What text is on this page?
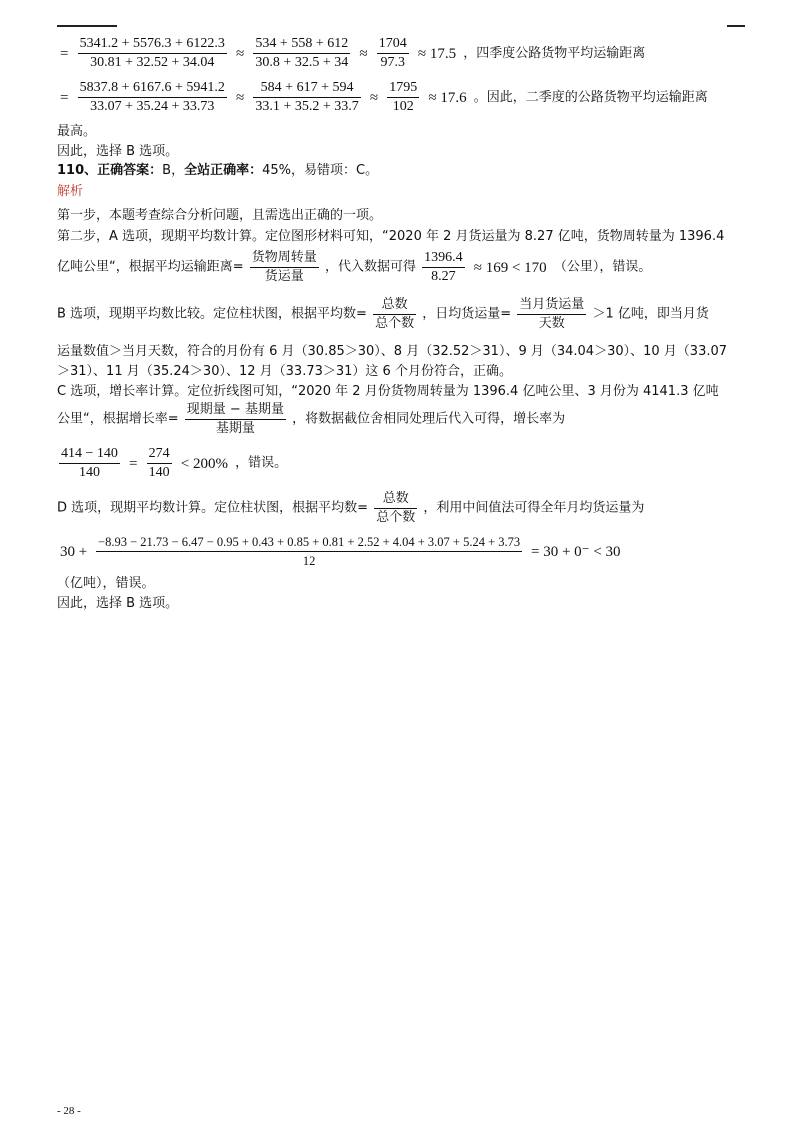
= $\frac{5341.2 + 5576.3 + 6122.3}{30.81 + 32.52 + 34.04} \approx \frac{534 + 558 + 612}{30.8 + 32.5 + 34} \approx \frac{1704}{97.3} \approx 17.5$ ，四季度公路货物平均运输距离
= $\frac{5837.8 + 6167.6 + 5941.2}{33.07 + 35.24 + 33.73} \approx \frac{584 + 617 + 594}{33.1 + 35.2 + 33.7} \approx \frac{1795}{102} \approx 17.6$ 。因此，二季度的公路货物平均运输距离
最高。
因此，选择 B 选项。
110、正确答案：B，全站正确率：45%，易错项：C。
解析
第一步，本题考查综合分析问题，且需选出正确的一项。
第二步，A 选项，现期平均数计算。定位图形材料可知，“2020 年 2 月货运量为 8.27 亿吨，货物周转量为 1396.4
亿吨公里“，根据平均运输距离= $\frac{\text{货物周转量}}{\text{货运量}}$ ，代入数据可得 $\frac{1396.4}{8.27} \approx 169 < 170$ （公里），错误。
B 选项，现期平均数比较。定位柱状图，根据平均数= $\frac{\text{总数}}{\text{总个数}}$ ，日均货运量= $\frac{\text{当月货运量}}{\text{天数}} >1$ 亿吨，即当月货
运量数值＞当月天数，符合的月份有 6 月（30.85＞30）、8 月（32.52＞31）、9 月（34.04＞30）、10 月（33.07
＞31）、11 月（35.24＞30）、12 月（33.73＞31）这 6 个月份符合，正确。
C 选项，增长率计算。定位折线图可知，“2020 年 2 月份货物周转量为 1396.4 亿吨公里、3 月份为 4141.3 亿吨
公里“，根据增长率= $\frac{\text{现期量 − 基期量}}{\text{基期量}}$ ，将数据截位舍相同处理后代入可得，增长率为
$\frac{414 - 140}{140} = \frac{274}{140} < 200\%$ ，错误。
D 选项，现期平均数计算。定位柱状图，根据平均数= $\frac{\text{总数}}{\text{总个数}}$ ，利用中间值法可得全年月均货运量为
30 +
−8.93 − 21.73 − 6.47 − 0.95 + 0.43 + 0.85 + 0.81 + 2.52 + 4.04 + 3.07 + 5.24 + 3.73
12
= 30 + 0⁻ < 30
（亿吨），错误。
因此，选择 B 选项。
- 28 -
